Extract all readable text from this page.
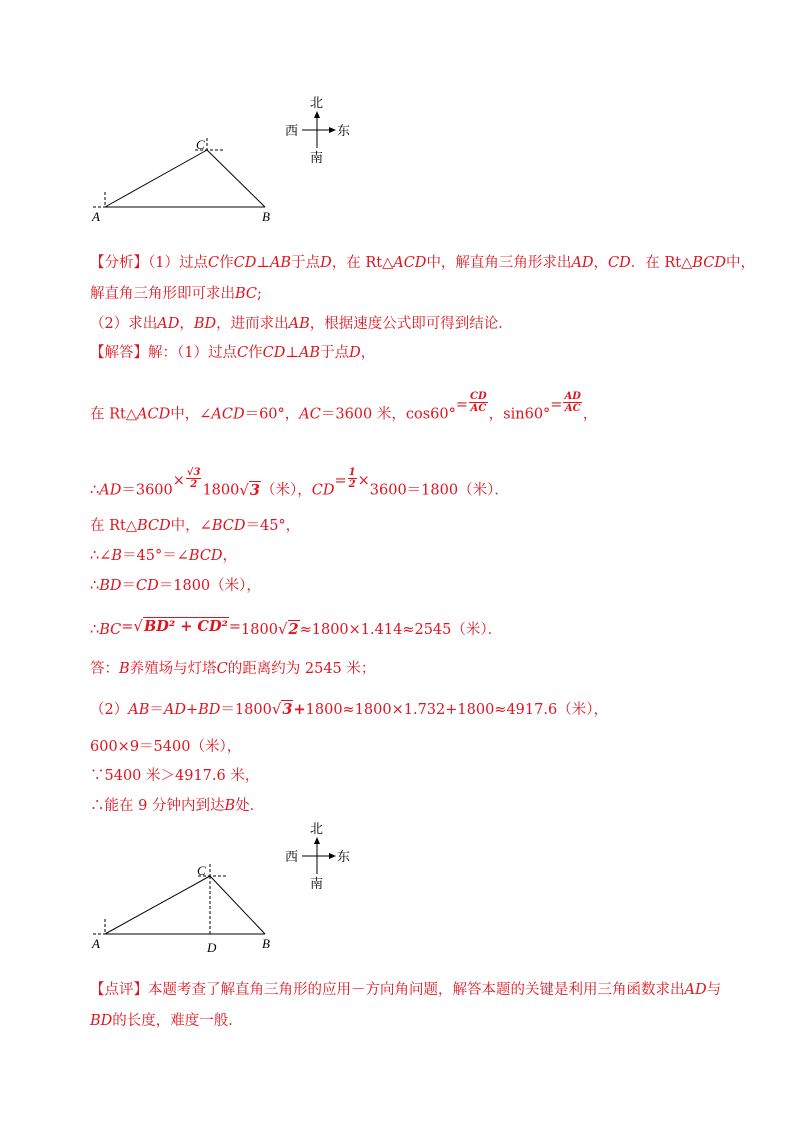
A	B
C
北
南
西	东
【分析】（1）过点C作CD⊥AB于点D，在 Rt△ACD中，解直角三角形求出AD，CD．在 Rt△BCD中，
解直角三角形即可求出BC;
（2）求出AD，BD，进而求出AB，根据速度公式即可得到结论．
【解答】解：（1）过点C作CD⊥AB于点D，
在 Rt△ACD中，∠ACD＝60°，AC＝3600 米，$\cos 60^\circ= \frac{CD}{AC}$
，$\sin 60^\circ= \frac{AD}{AC}$
，
∴AD＝3600× $\frac{√3}{2}$
1800√3（米），$CD= \frac{1}{2} \times 3600=1800$（米）．
在 Rt△BCD中，∠BCD＝45°，
∴∠B＝45°＝∠BCD，
∴BD＝CD＝1800（米），
∴BC=√BD² + CD²=1800√2≈1800×1.414≈2545（米）．
答：B养殖场与灯塔C的距离约为 2545 米；
（2）AB＝AD+BD＝1800√3+1800≈1800×1.732+1800≈4917.6（米），
600×9＝5400（米），
∵5400 米＞4917.6 米，
∴能在 9 分钟内到达B处．
A	B
C
D
北
南
西	东
【点评】本题考查了解直角三角形的应用－方向角问题，解答本题的关键是利用三角函数求出AD与
BD的长度，难度一般．
